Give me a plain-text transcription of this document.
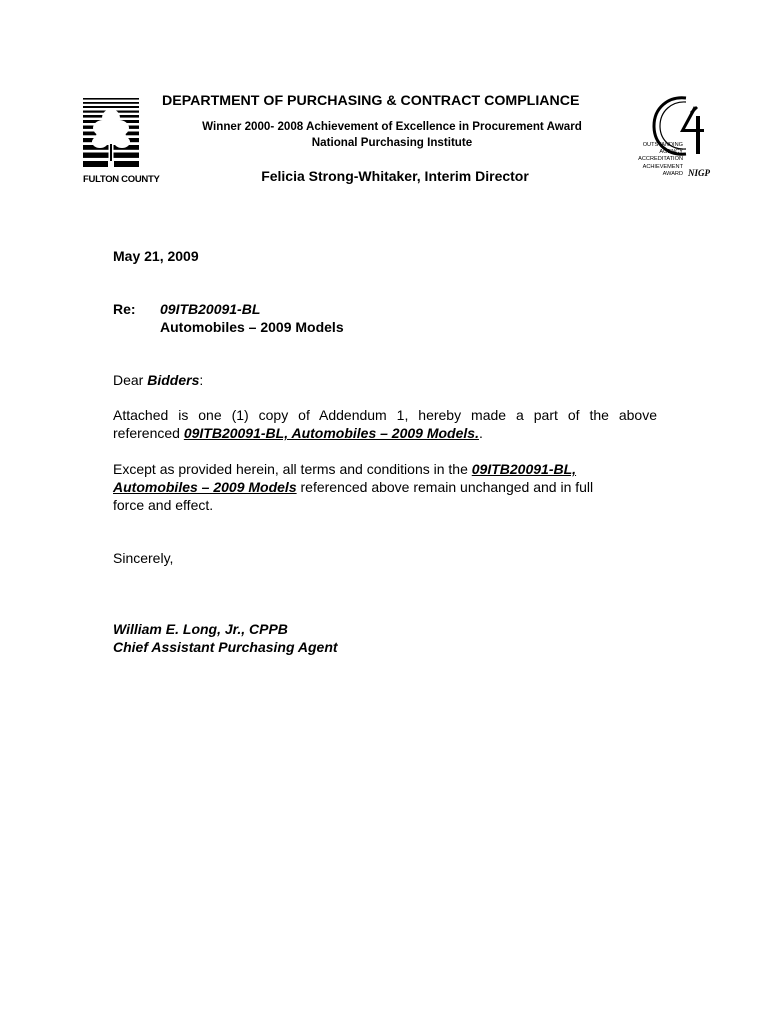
FULTON COUNTY
DEPARTMENT OF PURCHASING & CONTRACT COMPLIANCE
Winner 2000- 2008 Achievement of Excellence in Procurement Award
National Purchasing Institute
Felicia Strong-Whitaker, Interim Director
OUTSTANDING
AGENCY
ACCREDITATION
ACHIEVEMENT
AWARD NIGP
May 21, 2009
Re: 09ITB20091-BL
Automobiles – 2009 Models
Dear Bidders:
Attached is one (1) copy of Addendum 1, hereby made a part of the above
referenced 09ITB20091-BL, Automobiles – 2009 Models..
Except as provided herein, all terms and conditions in the 09ITB20091-BL,
Automobiles – 2009 Models referenced above remain unchanged and in full
force and effect.
Sincerely,
William E. Long, Jr., CPPB
Chief Assistant Purchasing Agent
